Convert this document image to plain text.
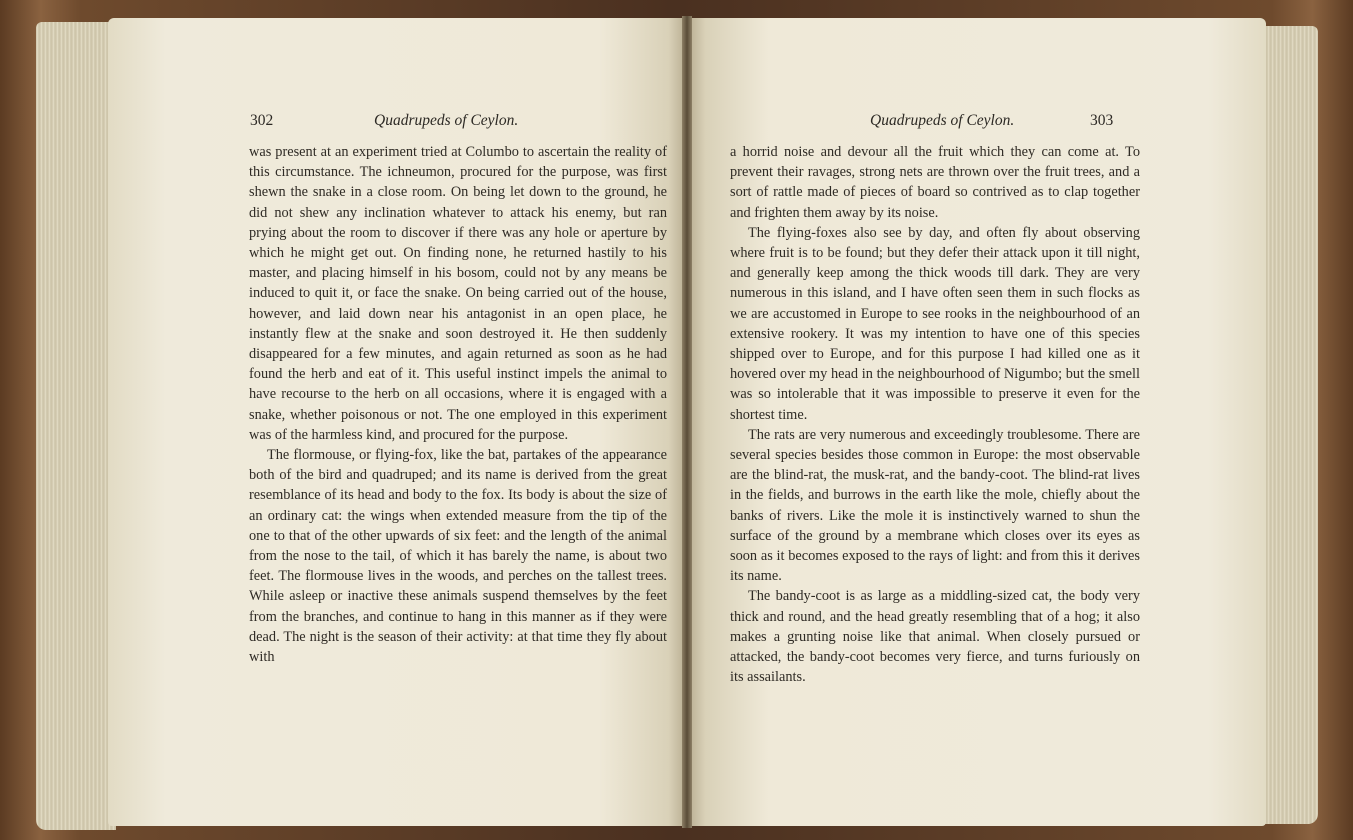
302	Quadrupeds of Ceylon.

was present at an experiment tried at Columbo to ascertain the reality of this circumstance. The ichneumon, procured for the purpose, was first shewn the snake in a close room. On being let down to the ground, he did not shew any inclination whatever to attack his enemy, but ran prying about the room to discover if there was any hole or aperture by which he might get out. On finding none, he returned hastily to his master, and placing himself in his bosom, could not by any means be induced to quit it, or face the snake. On being carried out of the house, however, and laid down near his antagonist in an open place, he instantly flew at the snake and soon destroyed it. He then suddenly disappeared for a few minutes, and again returned as soon as he had found the herb and eat of it. This useful instinct impels the animal to have recourse to the herb on all occasions, where it is engaged with a snake, whether poisonous or not. The one employed in this experiment was of the harmless kind, and procured for the purpose.

The flormouse, or flying-fox, like the bat, partakes of the appearance both of the bird and quadruped; and its name is derived from the great resemblance of its head and body to the fox. Its body is about the size of an ordinary cat: the wings when extended measure from the tip of the one to that of the other upwards of six feet: and the length of the animal from the nose to the tail, of which it has barely the name, is about two feet. The flormouse lives in the woods, and perches on the tallest trees. While asleep or inactive these animals suspend themselves by the feet from the branches, and continue to hang in this manner as if they were dead. The night is the season of their activity: at that time they fly about with

Quadrupeds of Ceylon.	303

a horrid noise and devour all the fruit which they can come at. To prevent their ravages, strong nets are thrown over the fruit trees, and a sort of rattle made of pieces of board so contrived as to clap together and frighten them away by its noise.

The flying-foxes also see by day, and often fly about observing where fruit is to be found; but they defer their attack upon it till night, and generally keep among the thick woods till dark. They are very numerous in this island, and I have often seen them in such flocks as we are accustomed in Europe to see rooks in the neighbourhood of an extensive rookery. It was my intention to have one of this species shipped over to Europe, and for this purpose I had killed one as it hovered over my head in the neighbourhood of Nigumbo; but the smell was so intolerable that it was impossible to preserve it even for the shortest time.

The rats are very numerous and exceedingly troublesome. There are several species besides those common in Europe: the most observable are the blind-rat, the musk-rat, and the bandy-coot. The blind-rat lives in the fields, and burrows in the earth like the mole, chiefly about the banks of rivers. Like the mole it is instinctively warned to shun the surface of the ground by a membrane which closes over its eyes as soon as it becomes exposed to the rays of light: and from this it derives its name.

The bandy-coot is as large as a middling-sized cat, the body very thick and round, and the head greatly resembling that of a hog; it also makes a grunting noise like that animal. When closely pursued or attacked, the bandy-coot becomes very fierce, and turns furiously on its assailants.
